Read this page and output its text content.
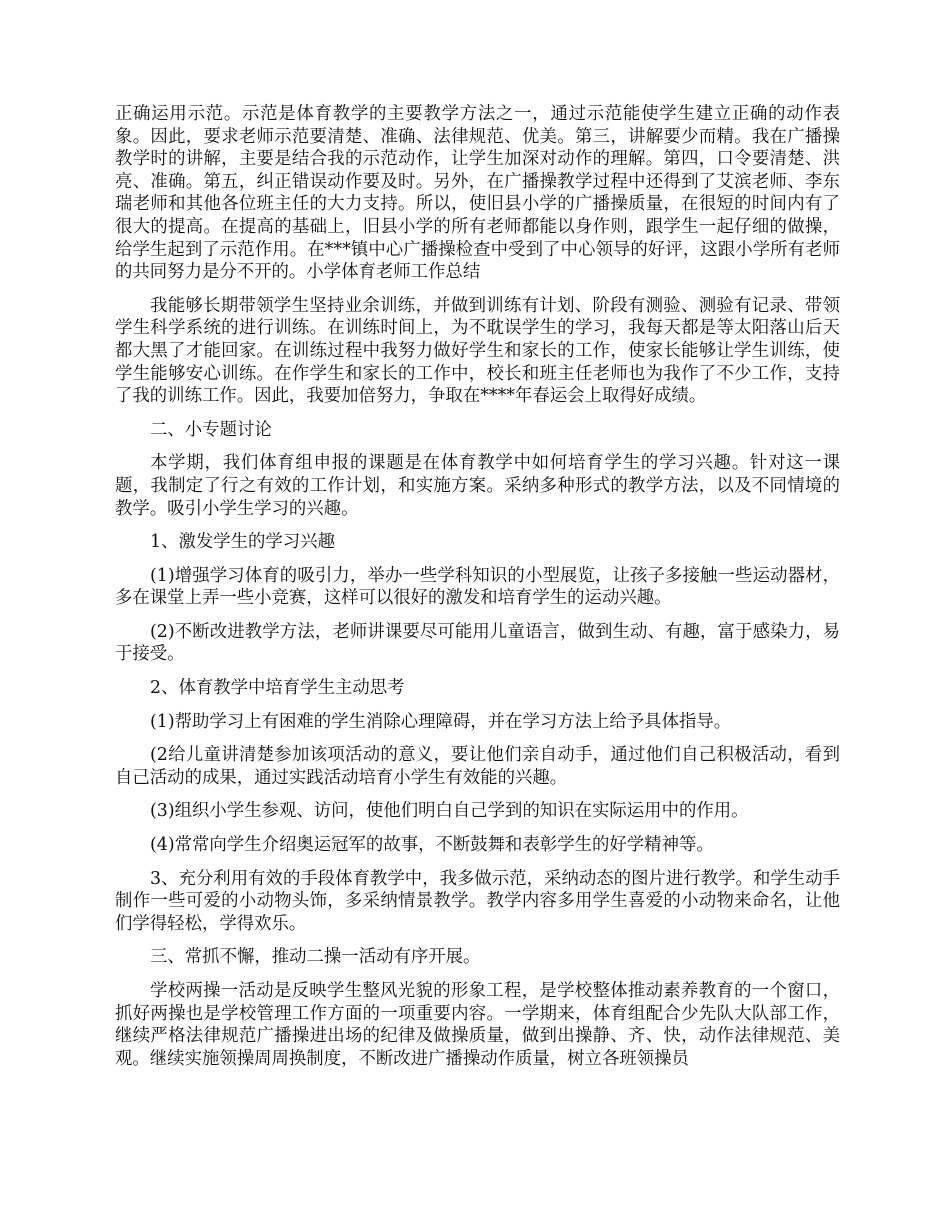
正确运用示范。示范是体育教学的主要教学方法之一，通过示范能使学生建立正确的动作表象。因此，要求老师示范要清楚、准确、法律规范、优美。第三，讲解要少而精。我在广播操教学时的讲解，主要是结合我的示范动作，让学生加深对动作的理解。第四，口令要清楚、洪亮、准确。第五，纠正错误动作要及时。另外，在广播操教学过程中还得到了艾滨老师、李东瑞老师和其他各位班主任的大力支持。所以，使旧县小学的广播操质量，在很短的时间内有了很大的提高。在提高的基础上，旧县小学的所有老师都能以身作则，跟学生一起仔细的做操，给学生起到了示范作用。在***镇中心广播操检查中受到了中心领导的好评，这跟小学所有老师的共同努力是分不开的。小学体育老师工作总结

我能够长期带领学生坚持业余训练，并做到训练有计划、阶段有测验、测验有记录、带领学生科学系统的进行训练。在训练时间上，为不耽误学生的学习，我每天都是等太阳落山后天都大黑了才能回家。在训练过程中我努力做好学生和家长的工作，使家长能够让学生训练，使学生能够安心训练。在作学生和家长的工作中，校长和班主任老师也为我作了不少工作，支持了我的训练工作。因此，我要加倍努力，争取在****年春运会上取得好成绩。

二、小专题讨论

本学期，我们体育组申报的课题是在体育教学中如何培育学生的学习兴趣。针对这一课题，我制定了行之有效的工作计划，和实施方案。采纳多种形式的教学方法，以及不同情境的教学。吸引小学生学习的兴趣。

1、激发学生的学习兴趣

(1)增强学习体育的吸引力，举办一些学科知识的小型展览，让孩子多接触一些运动器材，多在课堂上弄一些小竞赛，这样可以很好的激发和培育学生的运动兴趣。

(2)不断改进教学方法，老师讲课要尽可能用儿童语言，做到生动、有趣，富于感染力，易于接受。

2、体育教学中培育学生主动思考

(1)帮助学习上有困难的学生消除心理障碍，并在学习方法上给予具体指导。

(2给儿童讲清楚参加该项活动的意义，要让他们亲自动手，通过他们自己积极活动，看到自己活动的成果，通过实践活动培育小学生有效能的兴趣。

(3)组织小学生参观、访问，使他们明白自己学到的知识在实际运用中的作用。

(4)常常向学生介绍奥运冠军的故事，不断鼓舞和表彰学生的好学精神等。

3、充分利用有效的手段体育教学中，我多做示范，采纳动态的图片进行教学。和学生动手制作一些可爱的小动物头饰，多采纳情景教学。教学内容多用学生喜爱的小动物来命名，让他们学得轻松，学得欢乐。

三、常抓不懈，推动二操一活动有序开展。

学校两操一活动是反映学生整风光貌的形象工程，是学校整体推动素养教育的一个窗口，抓好两操也是学校管理工作方面的一项重要内容。一学期来，体育组配合少先队大队部工作，继续严格法律规范广播操进出场的纪律及做操质量，做到出操静、齐、快，动作法律规范、美观。继续实施领操周周换制度，不断改进广播操动作质量，树立各班领操员
